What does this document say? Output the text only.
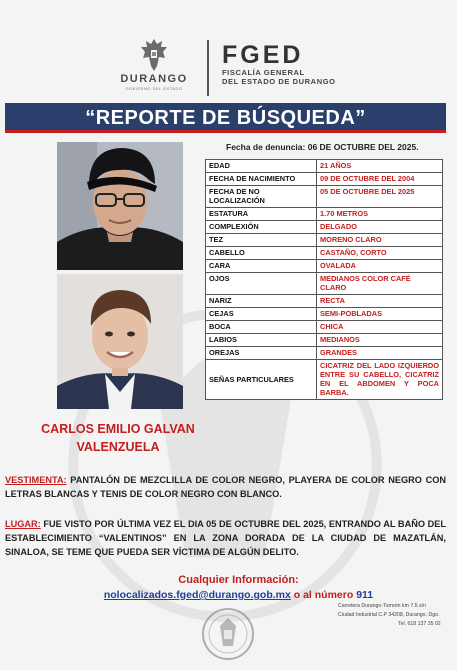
DURANGO
GOBIERNO DEL ESTADO
FGED
FISCALÍA GENERAL
DEL ESTADO DE DURANGO
“REPORTE DE BÚSQUEDA”
Fecha de denuncia: 06 DE OCTUBRE DEL 2025.
CARLOS EMILIO GALVAN
VALENZUELA
EDAD	21 AÑOS
FECHA DE NACIMIENTO	09 DE OCTUBRE DEL 2004
FECHA DE NO LOCALIZACIÓN	05 DE OCTUBRE DEL 2025
ESTATURA	1.70 METROS
COMPLEXIÓN	DELGADO
TEZ	MORENO CLARO
CABELLO	CASTAÑO, CORTO
CARA	OVALADA
OJOS	MEDIANOS COLOR CAFÉ CLARO
NARIZ	RECTA
CEJAS	SEMI-POBLADAS
BOCA	CHICA
LABIOS	MEDIANOS
OREJAS	GRANDES
SEÑAS PARTICULARES	CICATRIZ DEL LADO IZQUIERDO ENTRE SU CABELLO, CICATRIZ EN EL ABDOMEN Y POCA BARBA.
VESTIMENTA: PANTALÓN DE MEZCLILLA DE COLOR NEGRO, PLAYERA DE COLOR NEGRO CON LETRAS BLANCAS Y TENIS DE COLOR NEGRO CON BLANCO.
LUGAR: FUE VISTO POR ÚLTIMA VEZ EL DIA 05 DE OCTUBRE DEL 2025, ENTRANDO AL BAÑO DEL ESTABLECIMIENTO “VALENTINOS” EN LA ZONA DORADA DE LA CIUDAD DE MAZATLÁN, SINALOA, SE TEME QUE PUEDA SER VÍCTIMA DE ALGÚN DELITO.
Cualquier Información:
nolocalizados.fged@durango.gob.mx o al número 911
Carretera Durango-Torreón km 7.5 s/n
Ciudad Industrial C.P 34208, Durango, Dgo.
Tel. 618 137 35 02
